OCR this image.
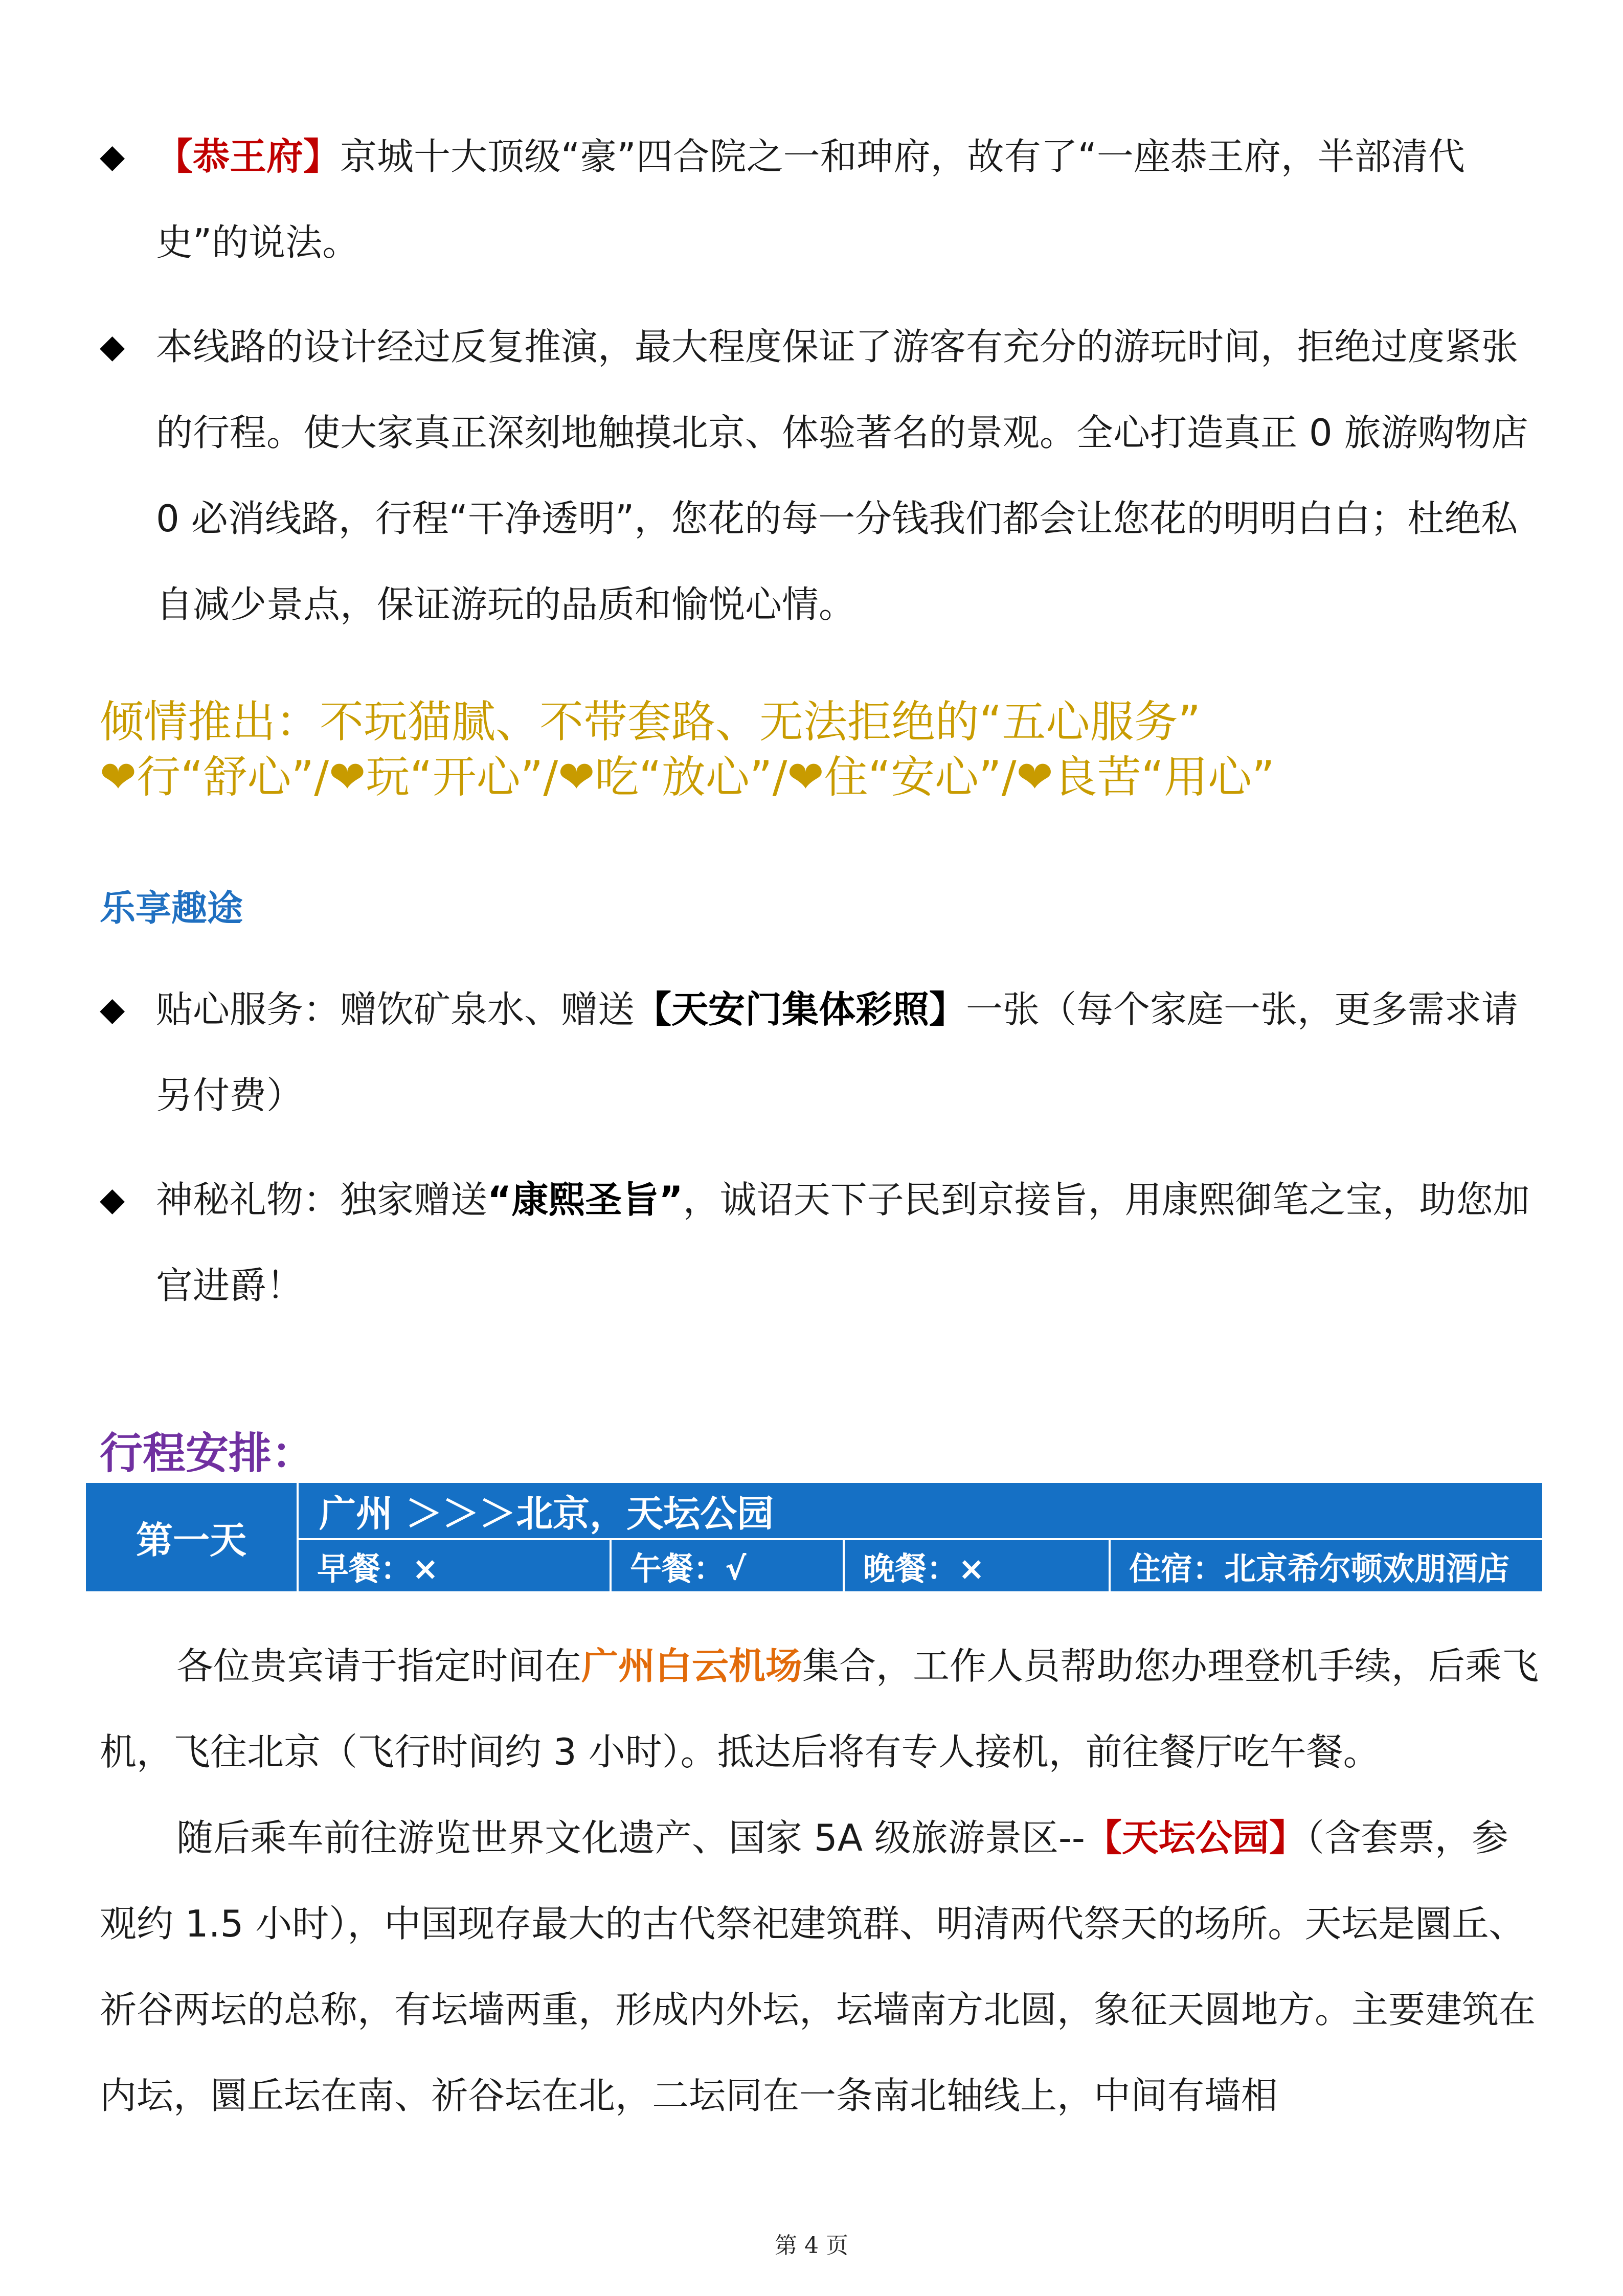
◆ 【恭王府】京城十大顶级“豪”四合院之一和珅府，故有了“一座恭王府，半部清代史”的说法。
◆ 本线路的设计经过反复推演，最大程度保证了游客有充分的游玩时间，拒绝过度紧张的行程。使大家真正深刻地触摸北京、体验著名的景观。全心打造真正 0 旅游购物店 0 必消线路，行程“干净透明”，您花的每一分钱我们都会让您花的明明白白；杜绝私自减少景点，保证游玩的品质和愉悦心情。
倾情推出：不玩猫腻、不带套路、无法拒绝的“五心服务”
❤行“舒心”/❤玩“开心”/❤吃“放心”/❤住“安心”/❤良苦“用心”
乐享趣途
◆ 贴心服务：赠饮矿泉水、赠送【天安门集体彩照】一张（每个家庭一张，更多需求请另付费）
◆ 神秘礼物：独家赠送“康熙圣旨”，诚诏天下子民到京接旨，用康熙御笔之宝，助您加官进爵！
行程安排：
第一天
广州 ＞＞＞北京，天坛公园
早餐：×	午餐：√	晚餐：×	住宿：北京希尔顿欢朋酒店
各位贵宾请于指定时间在广州白云机场集合，工作人员帮助您办理登机手续，后乘飞机，飞往北京（飞行时间约 3 小时）。抵达后将有专人接机，前往餐厅吃午餐。
随后乘车前往游览世界文化遗产、国家 5A 级旅游景区--【天坛公园】（含套票，参观约 1.5 小时），中国现存最大的古代祭祀建筑群、明清两代祭天的场所。天坛是圜丘、祈谷两坛的总称，有坛墙两重，形成内外坛，坛墙南方北圆，象征天圆地方。主要建筑在内坛，圜丘坛在南、祈谷坛在北，二坛同在一条南北轴线上，中间有墙相
第 4 页
